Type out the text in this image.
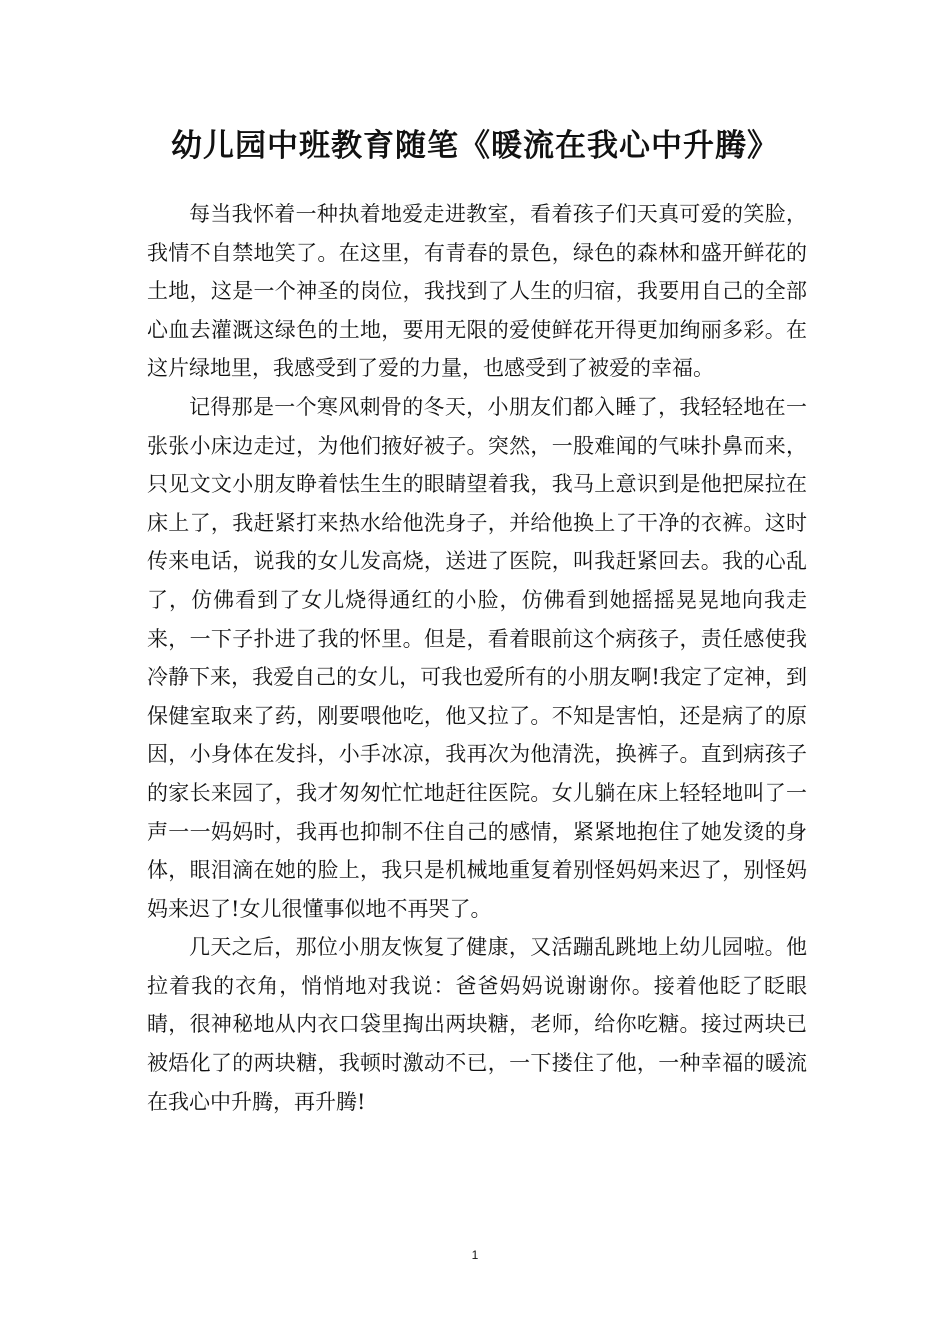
幼儿园中班教育随笔《暖流在我心中升腾》

每当我怀着一种执着地爱走进教室，看着孩子们天真可爱的笑脸，我情不自禁地笑了。在这里，有青春的景色，绿色的森林和盛开鲜花的土地，这是一个神圣的岗位，我找到了人生的归宿，我要用自己的全部心血去灌溉这绿色的土地，要用无限的爱使鲜花开得更加绚丽多彩。在这片绿地里，我感受到了爱的力量，也感受到了被爱的幸福。

记得那是一个寒风刺骨的冬天，小朋友们都入睡了，我轻轻地在一张张小床边走过，为他们掖好被子。突然，一股难闻的气味扑鼻而来，只见文文小朋友睁着怯生生的眼睛望着我，我马上意识到是他把屎拉在床上了，我赶紧打来热水给他洗身子，并给他换上了干净的衣裤。这时传来电话，说我的女儿发高烧，送进了医院，叫我赶紧回去。我的心乱了，仿佛看到了女儿烧得通红的小脸，仿佛看到她摇摇晃晃地向我走来，一下子扑进了我的怀里。但是，看着眼前这个病孩子，责任感使我冷静下来，我爱自己的女儿，可我也爱所有的小朋友啊!我定了定神，到保健室取来了药，刚要喂他吃，他又拉了。不知是害怕，还是病了的原因，小身体在发抖，小手冰凉，我再次为他清洗，换裤子。直到病孩子的家长来园了，我才匆匆忙忙地赶往医院。女儿躺在床上轻轻地叫了一声一一妈妈时，我再也抑制不住自己的感情，紧紧地抱住了她发烫的身体，眼泪滴在她的脸上，我只是机械地重复着别怪妈妈来迟了，别怪妈妈来迟了!女儿很懂事似地不再哭了。

几天之后，那位小朋友恢复了健康，又活蹦乱跳地上幼儿园啦。他拉着我的衣角，悄悄地对我说：爸爸妈妈说谢谢你。接着他眨了眨眼睛，很神秘地从内衣口袋里掏出两块糖，老师，给你吃糖。接过两块已被焐化了的两块糖，我顿时激动不已，一下搂住了他，一种幸福的暖流在我心中升腾，再升腾!

1
